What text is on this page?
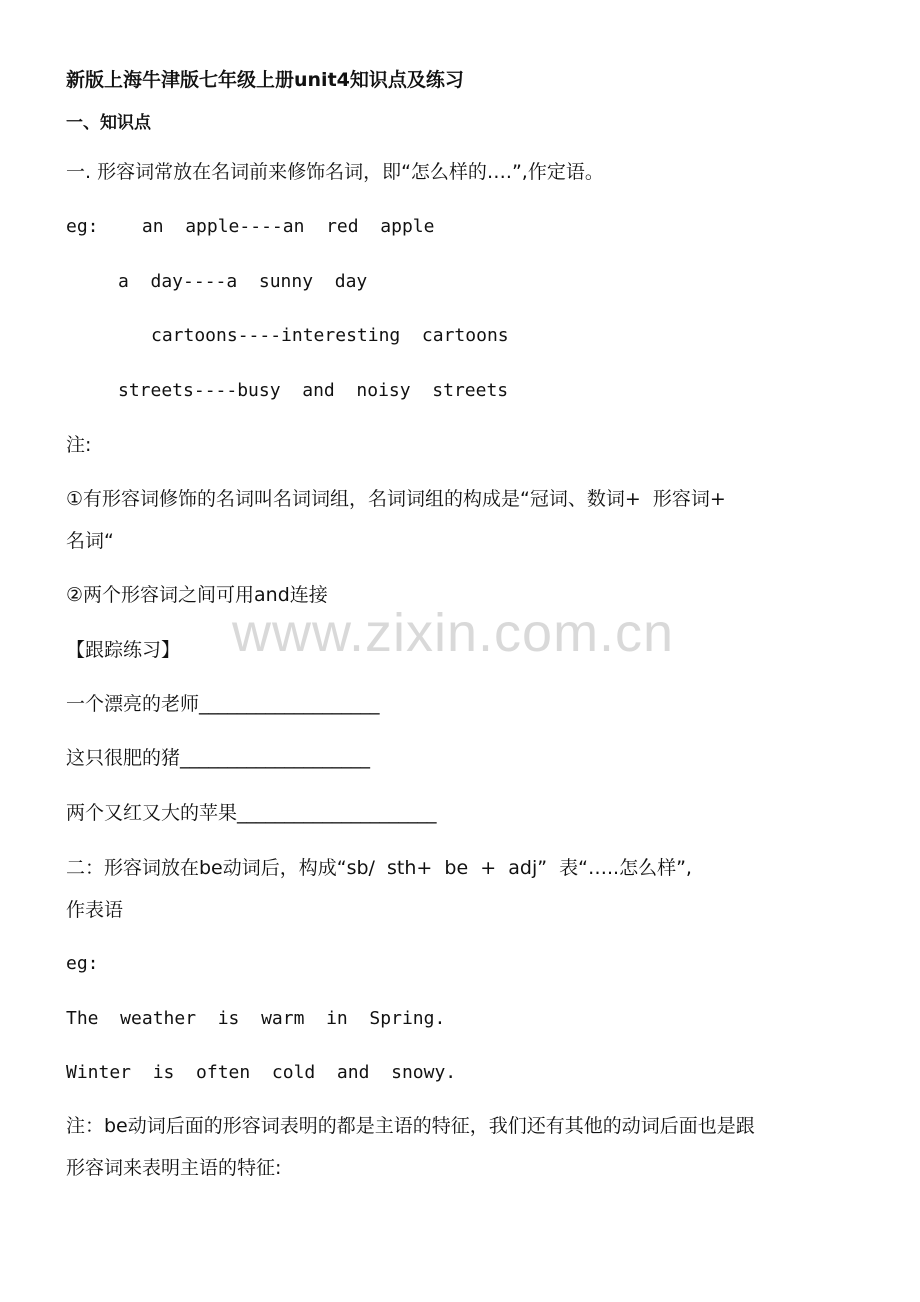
新版上海牛津版七年级上册unit4知识点及练习
一、知识点
一. 形容词常放在名词前来修饰名词，即“怎么样的….”,作定语。
eg:    an  apple----an  red  apple
a  day----a  sunny  day
cartoons----interesting  cartoons
streets----busy  and  noisy  streets
注:
①有形容词修饰的名词叫名词词组，名词词组的构成是“冠词、数词+  形容词+
名词“
②两个形容词之间可用and连接
【跟踪练习】
一个漂亮的老师___________________
这只很肥的猪____________________
两个又红又大的苹果_____________________
二：形容词放在be动词后，构成“sb/  sth+  be  +  adj”  表“…..怎么样”,
作表语
eg:
The  weather  is  warm  in  Spring.
Winter  is  often  cold  and  snowy.
注：be动词后面的形容词表明的都是主语的特征，我们还有其他的动词后面也是跟
形容词来表明主语的特征:
www.zixin.com.cn
